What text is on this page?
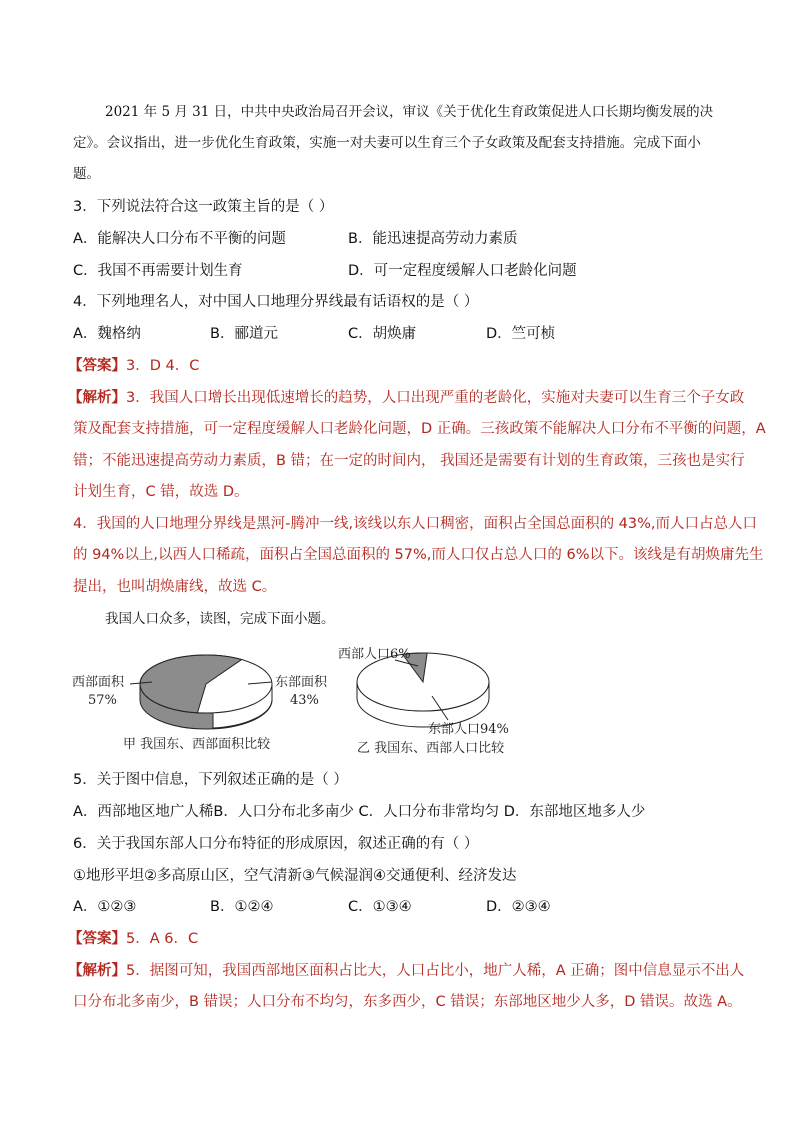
2021 年 5 月 31 日，中共中央政治局召开会议，审议《关于优化生育政策促进人口长期均衡发展的决
定》。会议指出，进一步优化生育政策，实施一对夫妻可以生育三个子女政策及配套支持措施。完成下面小
题。
3．下列说法符合这一政策主旨的是（ ）
A．能解决人口分布不平衡的问题	B．能迅速提高劳动力素质
C．我国不再需要计划生育	D．可一定程度缓解人口老龄化问题
4．下列地理名人，对中国人口地理分界线最有话语权的是（ ）
A．魏格纳	B．郦道元	C．胡焕庸	D．竺可桢
【答案】3．D 4．C
【解析】3．我国人口增长出现低速增长的趋势，人口出现严重的老龄化，实施对夫妻可以生育三个子女政
策及配套支持措施，可一定程度缓解人口老龄化问题，D 正确。三孩政策不能解决人口分布不平衡的问题，A
错；不能迅速提高劳动力素质，B 错；在一定的时间内， 我国还是需要有计划的生育政策，三孩也是实行
计划生育，C 错，故选 D。
4．我国的人口地理分界线是黑河-腾冲一线,该线以东人口稠密，面积占全国总面积的 43%,而人口占总人口
的 94%以上,以西人口稀疏，面积占全国总面积的 57%,而人口仅占总人口的 6%以下。该线是有胡焕庸先生
提出，也叫胡焕庸线，故选 C。
我国人口众多，读图，完成下面小题。
西部面积
57%
东部面积
43%
西部人口6%
东部人口94%
甲 我国东、西部面积比较	乙 我国东、西部人口比较
5．关于图中信息，下列叙述正确的是（ ）
A．西部地区地广人稀B．人口分布北多南少 C．人口分布非常均匀 D．东部地区地多人少
6．关于我国东部人口分布特征的形成原因，叙述正确的有（ ）
①地形平坦②多高原山区，空气清新③气候湿润④交通便利、经济发达
A．①②③	B．①②④	C．①③④	D．②③④
【答案】5．A 6．C
【解析】5．据图可知，我国西部地区面积占比大，人口占比小，地广人稀，A 正确；图中信息显示不出人
口分布北多南少，B 错误；人口分布不均匀，东多西少，C 错误；东部地区地少人多，D 错误。故选 A。
